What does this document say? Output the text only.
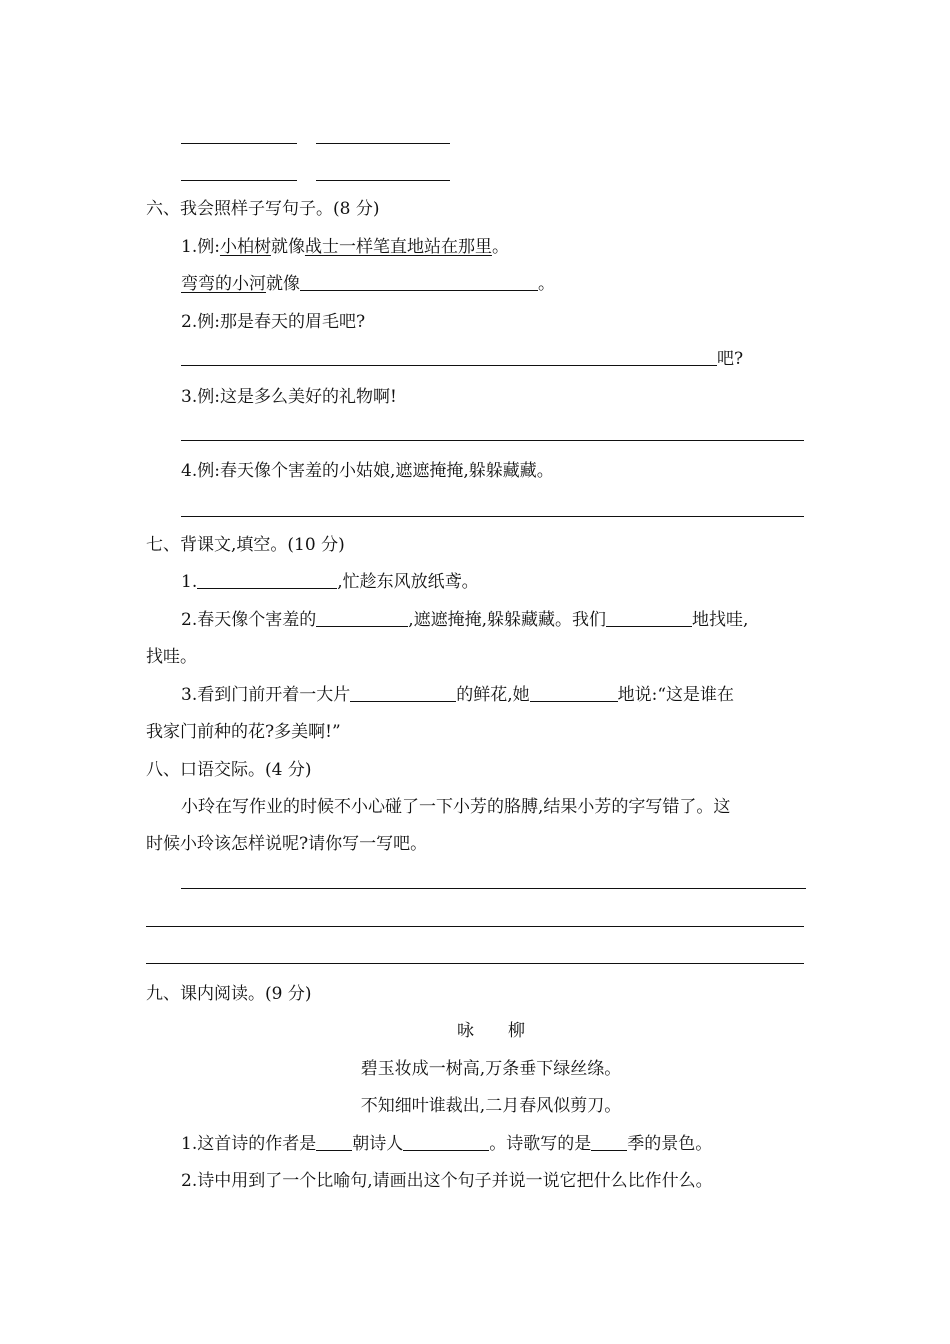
六、我会照样子写句子。(8 分)
1.例:小柏树就像战士一样笔直地站在那里。
弯弯的小河就像	。
2.例:那是春天的眉毛吧?
吧?
3.例:这是多么美好的礼物啊!
4.例:春天像个害羞的小姑娘,遮遮掩掩,躲躲藏藏。
七、背课文,填空。(10 分)
1.	,忙趁东风放纸鸢。
2.春天像个害羞的	,遮遮掩掩,躲躲藏藏。我们	地找哇,
找哇。
3.看到门前开着一大片	的鲜花,她	地说:“这是谁在
我家门前种的花?多美啊!”
八、口语交际。(4 分)
小玲在写作业的时候不小心碰了一下小芳的胳膊,结果小芳的字写错了。这
时候小玲该怎样说呢?请你写一写吧。
九、课内阅读。(9 分)
咏　　柳
碧玉妆成一树高,万条垂下绿丝绦。
不知细叶谁裁出,二月春风似剪刀。
1.这首诗的作者是 朝诗人	。诗歌写的是 季的景色。
2.诗中用到了一个比喻句,请画出这个句子并说一说它把什么比作什么。
